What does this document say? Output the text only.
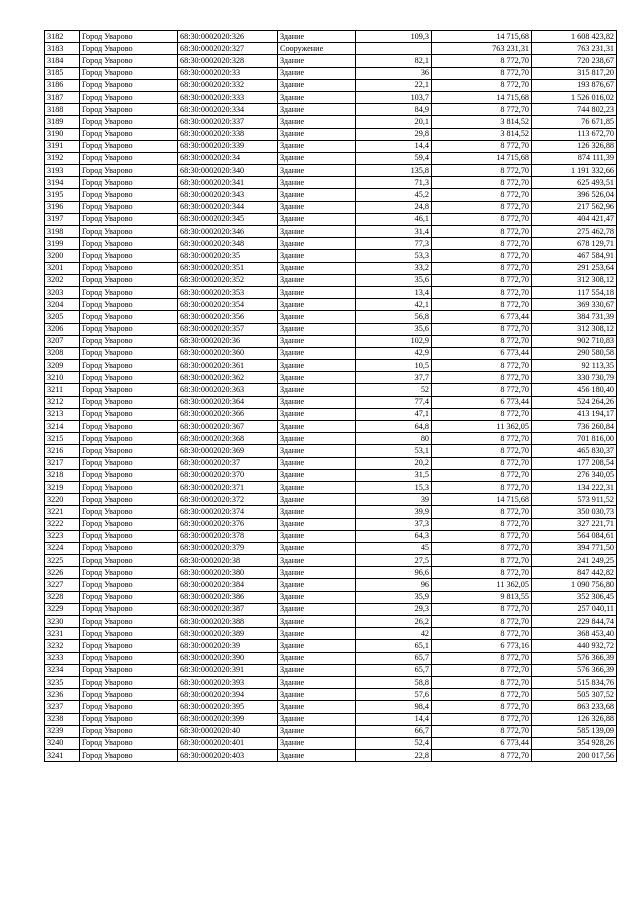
3182	Город Уварово	68:30:0002020:326	Здание	109,3	14 715,68	1 608 423,82
3183	Город Уварово	68:30:0002020:327	Сооружение		763 231,31	763 231,31
3184	Город Уварово	68:30:0002020:328	Здание	82,1	8 772,70	720 238,67
3185	Город Уварово	68:30:0002020:33	Здание	36	8 772,70	315 817,20
3186	Город Уварово	68:30:0002020:332	Здание	22,1	8 772,70	193 876,67
3187	Город Уварово	68:30:0002020:333	Здание	103,7	14 715,68	1 526 016,02
3188	Город Уварово	68:30:0002020:334	Здание	84,9	8 772,70	744 802,23
3189	Город Уварово	68:30:0002020:337	Здание	20,1	3 814,52	76 671,85
3190	Город Уварово	68:30:0002020:338	Здание	29,8	3 814,52	113 672,70
3191	Город Уварово	68:30:0002020:339	Здание	14,4	8 772,70	126 326,88
3192	Город Уварово	68:30:0002020:34	Здание	59,4	14 715,68	874 111,39
3193	Город Уварово	68:30:0002020:340	Здание	135,8	8 772,70	1 191 332,66
3194	Город Уварово	68:30:0002020:341	Здание	71,3	8 772,70	625 493,51
3195	Город Уварово	68:30:0002020:343	Здание	45,2	8 772,70	396 526,04
3196	Город Уварово	68:30:0002020:344	Здание	24,8	8 772,70	217 562,96
3197	Город Уварово	68:30:0002020:345	Здание	46,1	8 772,70	404 421,47
3198	Город Уварово	68:30:0002020:346	Здание	31,4	8 772,70	275 462,78
3199	Город Уварово	68:30:0002020:348	Здание	77,3	8 772,70	678 129,71
3200	Город Уварово	68:30:0002020:35	Здание	53,3	8 772,70	467 584,91
3201	Город Уварово	68:30:0002020:351	Здание	33,2	8 772,70	291 253,64
3202	Город Уварово	68:30:0002020:352	Здание	35,6	8 772,70	312 308,12
3203	Город Уварово	68:30:0002020:353	Здание	13,4	8 772,70	117 554,18
3204	Город Уварово	68:30:0002020:354	Здание	42,1	8 772,70	369 330,67
3205	Город Уварово	68:30:0002020:356	Здание	56,8	6 773,44	384 731,39
3206	Город Уварово	68:30:0002020:357	Здание	35,6	8 772,70	312 308,12
3207	Город Уварово	68:30:0002020:36	Здание	102,9	8 772,70	902 710,83
3208	Город Уварово	68:30:0002020:360	Здание	42,9	6 773,44	290 580,58
3209	Город Уварово	68:30:0002020:361	Здание	10,5	8 772,70	92 113,35
3210	Город Уварово	68:30:0002020:362	Здание	37,7	8 772,70	330 730,79
3211	Город Уварово	68:30:0002020:363	Здание	52	8 772,70	456 180,40
3212	Город Уварово	68:30:0002020:364	Здание	77,4	6 773,44	524 264,26
3213	Город Уварово	68:30:0002020:366	Здание	47,1	8 772,70	413 194,17
3214	Город Уварово	68:30:0002020:367	Здание	64,8	11 362,05	736 260,84
3215	Город Уварово	68:30:0002020:368	Здание	80	8 772,70	701 816,00
3216	Город Уварово	68:30:0002020:369	Здание	53,1	8 772,70	465 830,37
3217	Город Уварово	68:30:0002020:37	Здание	20,2	8 772,70	177 208,54
3218	Город Уварово	68:30:0002020:370	Здание	31,5	8 772,70	276 340,05
3219	Город Уварово	68:30:0002020:371	Здание	15,3	8 772,70	134 222,31
3220	Город Уварово	68:30:0002020:372	Здание	39	14 715,68	573 911,52
3221	Город Уварово	68:30:0002020:374	Здание	39,9	8 772,70	350 030,73
3222	Город Уварово	68:30:0002020:376	Здание	37,3	8 772,70	327 221,71
3223	Город Уварово	68:30:0002020:378	Здание	64,3	8 772,70	564 084,61
3224	Город Уварово	68:30:0002020:379	Здание	45	8 772,70	394 771,50
3225	Город Уварово	68:30:0002020:38	Здание	27,5	8 772,70	241 249,25
3226	Город Уварово	68:30:0002020:380	Здание	96,6	8 772,70	847 442,82
3227	Город Уварово	68:30:0002020:384	Здание	96	11 362,05	1 090 756,80
3228	Город Уварово	68:30:0002020:386	Здание	35,9	9 813,55	352 306,45
3229	Город Уварово	68:30:0002020:387	Здание	29,3	8 772,70	257 040,11
3230	Город Уварово	68:30:0002020:388	Здание	26,2	8 772,70	229 844,74
3231	Город Уварово	68:30:0002020:389	Здание	42	8 772,70	368 453,40
3232	Город Уварово	68:30:0002020:39	Здание	65,1	6 773,16	440 932,72
3233	Город Уварово	68:30:0002020:390	Здание	65,7	8 772,70	576 366,39
3234	Город Уварово	68:30:0002020:391	Здание	65,7	8 772,70	576 366,39
3235	Город Уварово	68:30:0002020:393	Здание	58,8	8 772,70	515 834,76
3236	Город Уварово	68:30:0002020:394	Здание	57,6	8 772,70	505 307,52
3237	Город Уварово	68:30:0002020:395	Здание	98,4	8 772,70	863 233,68
3238	Город Уварово	68:30:0002020:399	Здание	14,4	8 772,70	126 326,88
3239	Город Уварово	68:30:0002020:40	Здание	66,7	8 772,70	585 139,09
3240	Город Уварово	68:30:0002020:401	Здание	52,4	6 773,44	354 928,26
3241	Город Уварово	68:30:0002020:403	Здание	22,8	8 772,70	200 017,56
